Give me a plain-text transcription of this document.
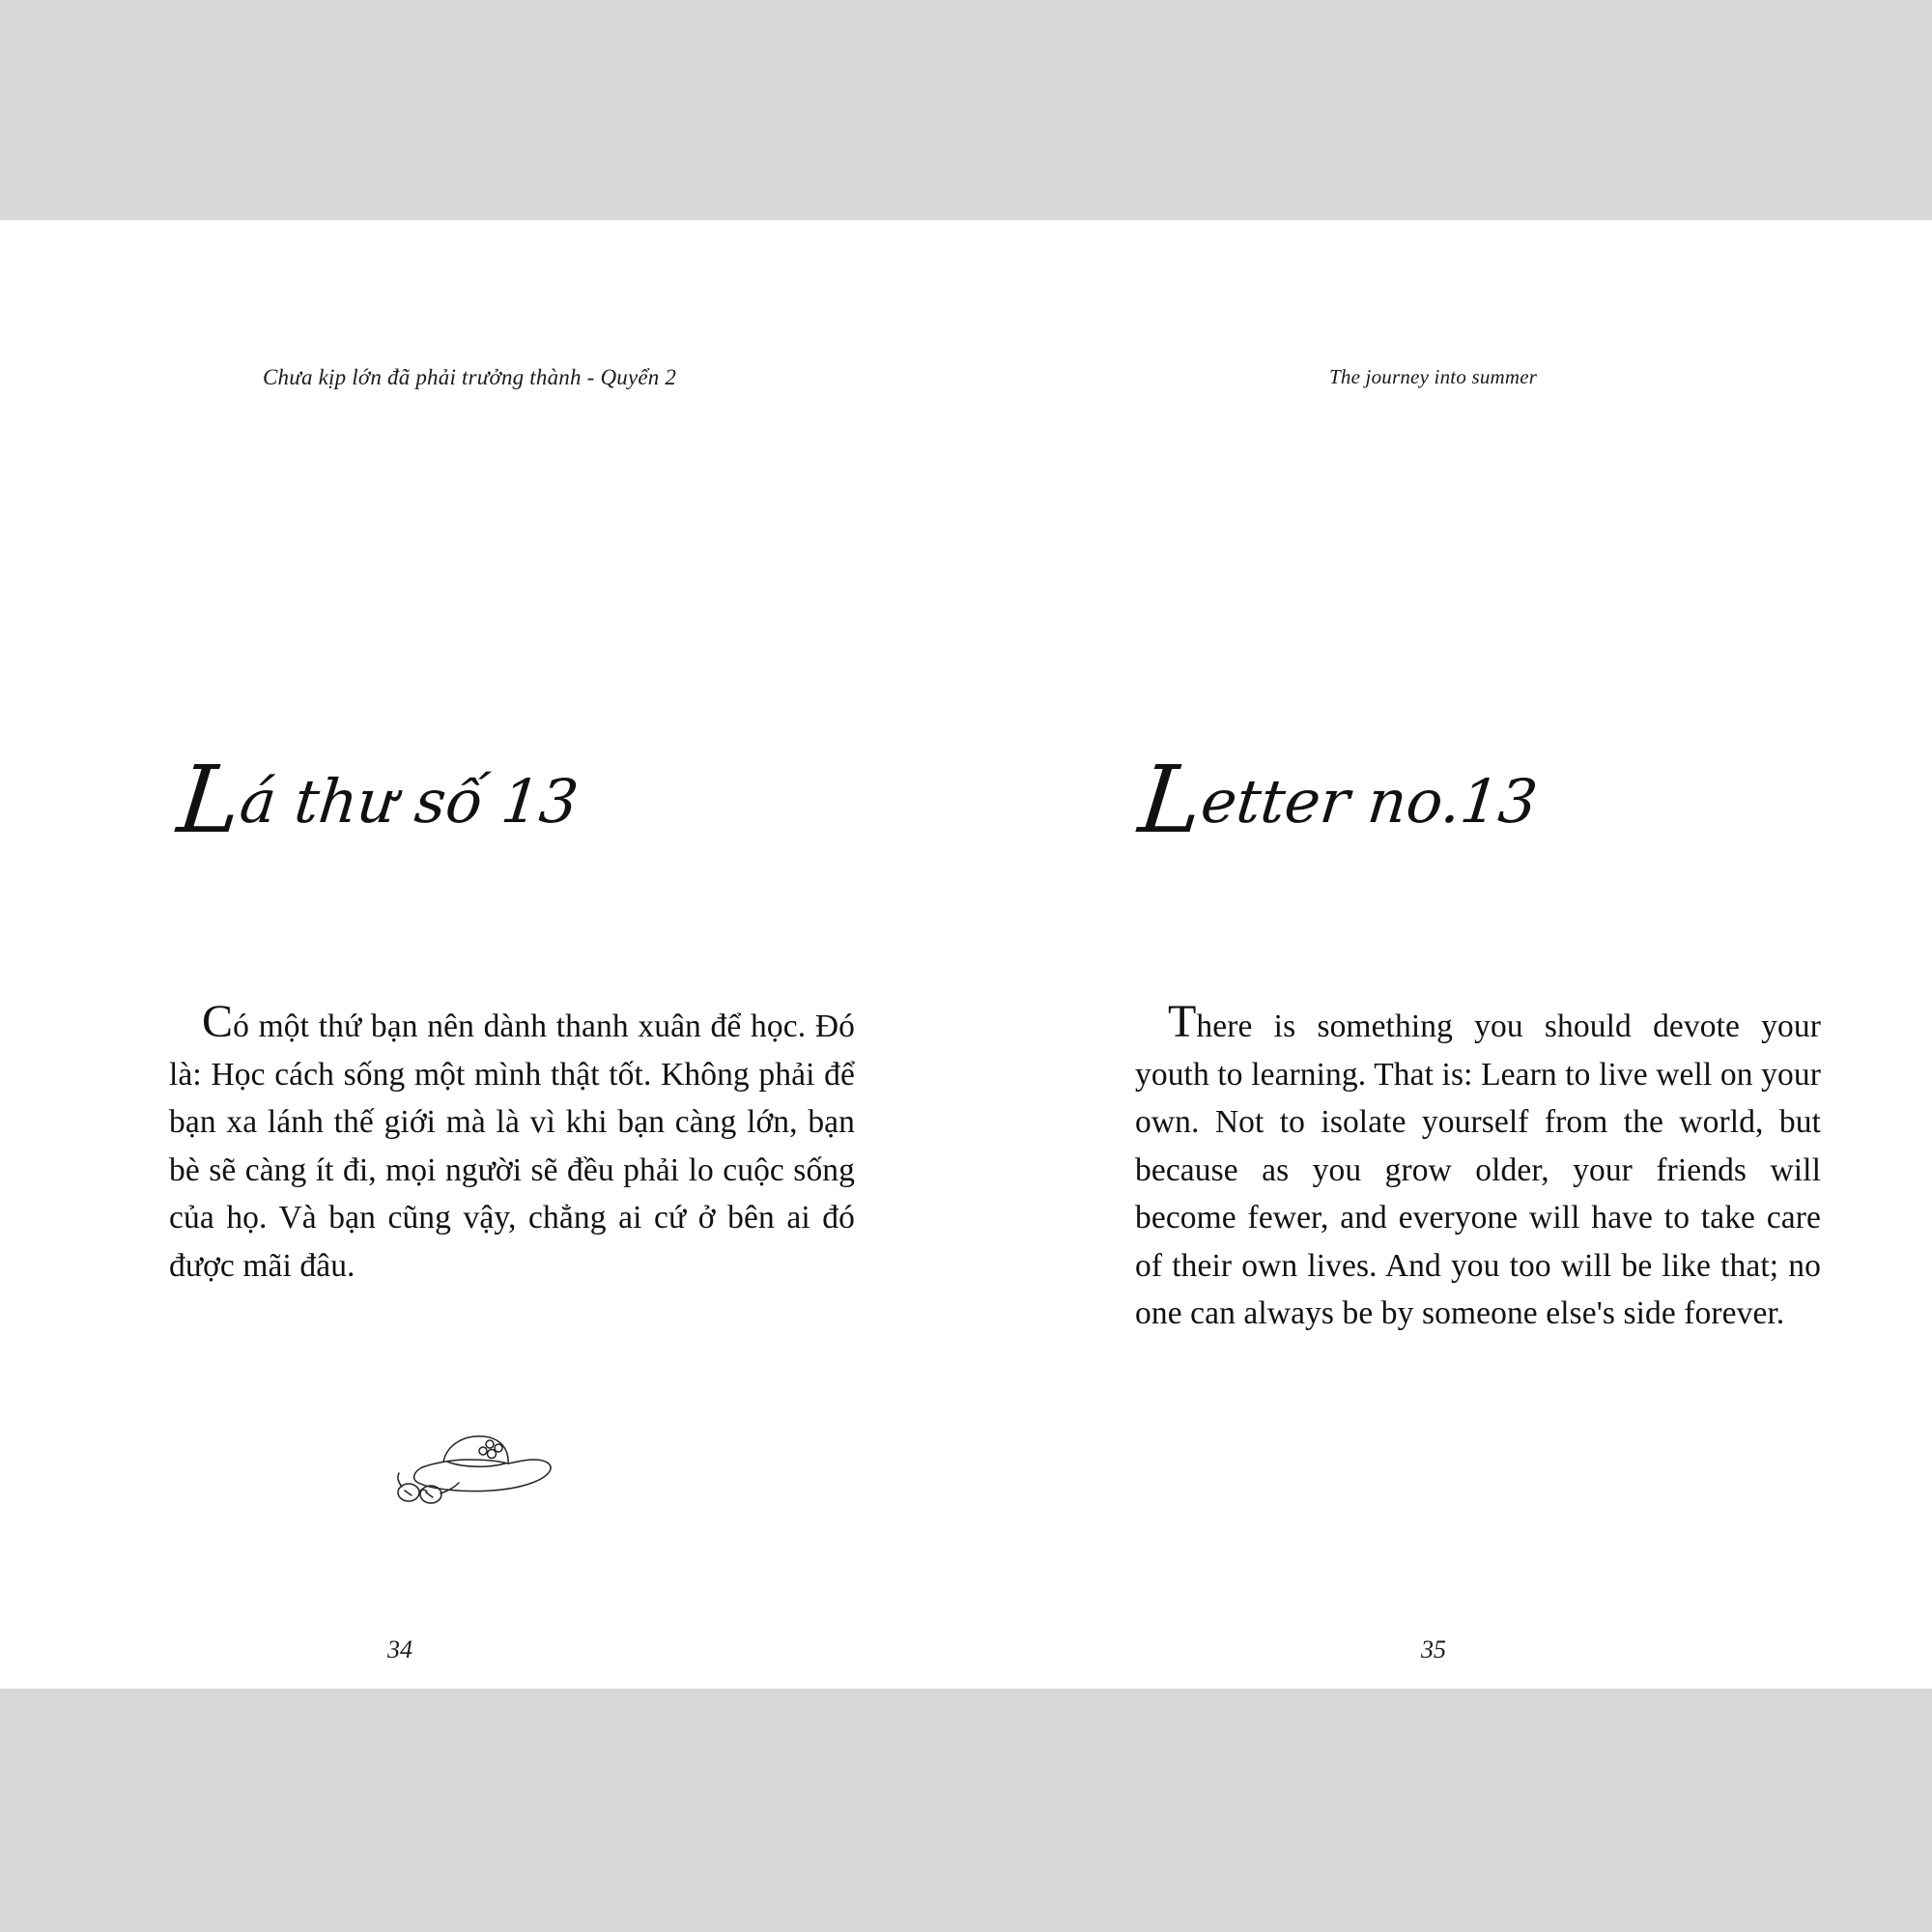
Chưa kịp lớn đã phải trưởng thành - Quyển 2
Lá thư số 13
Có một thứ bạn nên dành thanh xuân để học. Đó là: Học cách sống một mình thật tốt. Không phải để bạn xa lánh thế giới mà là vì khi bạn càng lớn, bạn bè sẽ càng ít đi, mọi người sẽ đều phải lo cuộc sống của họ. Và bạn cũng vậy, chẳng ai cứ ở bên ai đó được mãi đâu.
34
The journey into summer
Letter no.13
There is something you should devote your youth to learning. That is: Learn to live well on your own. Not to isolate yourself from the world, but because as you grow older, your friends will become fewer, and everyone will have to take care of their own lives. And you too will be like that; no one can always be by someone else's side forever.
35
